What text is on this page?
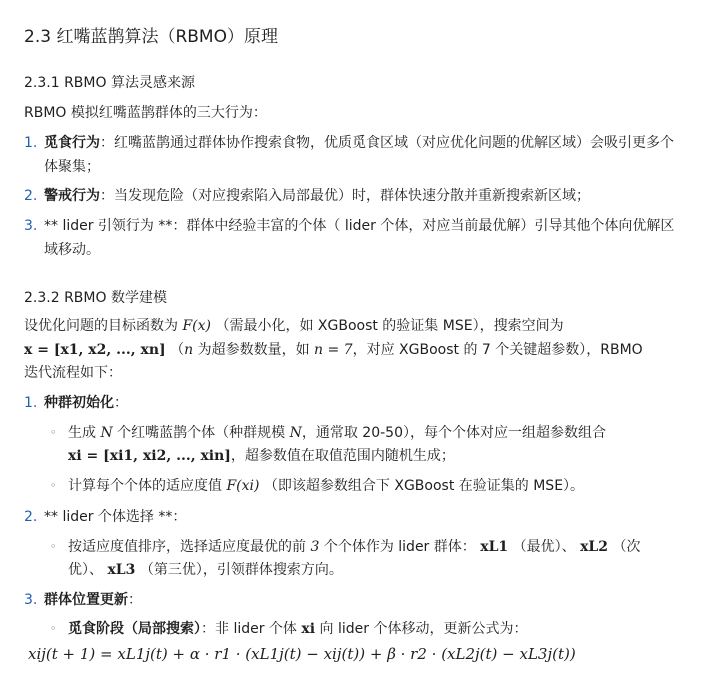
2.3 红嘴蓝鹊算法（RBMO）原理
2.3.1 RBMO 算法灵感来源

RBMO 模拟红嘴蓝鹊群体的三大行为：

1. 觅食行为：红嘴蓝鹊通过群体协作搜索食物，优质觅食区域（对应优化问题的优解区域）会吸引更多个体聚集；
2. 警戒行为：当发现危险（对应搜索陷入局部最优）时，群体快速分散并重新搜索新区域；
3. ** lider 引领行为 **：群体中经验丰富的个体（ lider 个体，对应当前最优解）引导其他个体向优解区域移动。
2.3.2 RBMO 数学建模
设优化问题的目标函数为 F(x) （需最小化，如 XGBoost 的验证集 MSE），搜索空间为
x = [x1, x2, ..., xn] （n 为超参数数量，如 n = 7，对应 XGBoost 的 7 个关键超参数），RBMO
迭代流程如下：
1. 种群初始化：
◦ 生成 N 个红嘴蓝鹊个体（种群规模 N，通常取 20-50），每个个体对应一组超参数组合
xi = [xi1, xi2, ..., xin]，超参数值在取值范围内随机生成；
◦ 计算每个个体的适应度值 F(xi) （即该超参数组合下 XGBoost 在验证集的 MSE）。
2. ** lider 个体选择 **：
◦ 按适应度值排序，选择适应度最优的前 3 个个体作为 lider 群体： xL1 （最优）、 xL2 （次
优）、 xL3 （第三优），引领群体搜索方向。
3. 群体位置更新：
◦ 觅食阶段（局部搜索）：非 lider 个体 xi 向 lider 个体移动，更新公式为：
xij(t + 1) = xL1j(t) + α · r1 · (xL1j(t) − xij(t)) + β · r2 · (xL2j(t) − xL3j(t))
